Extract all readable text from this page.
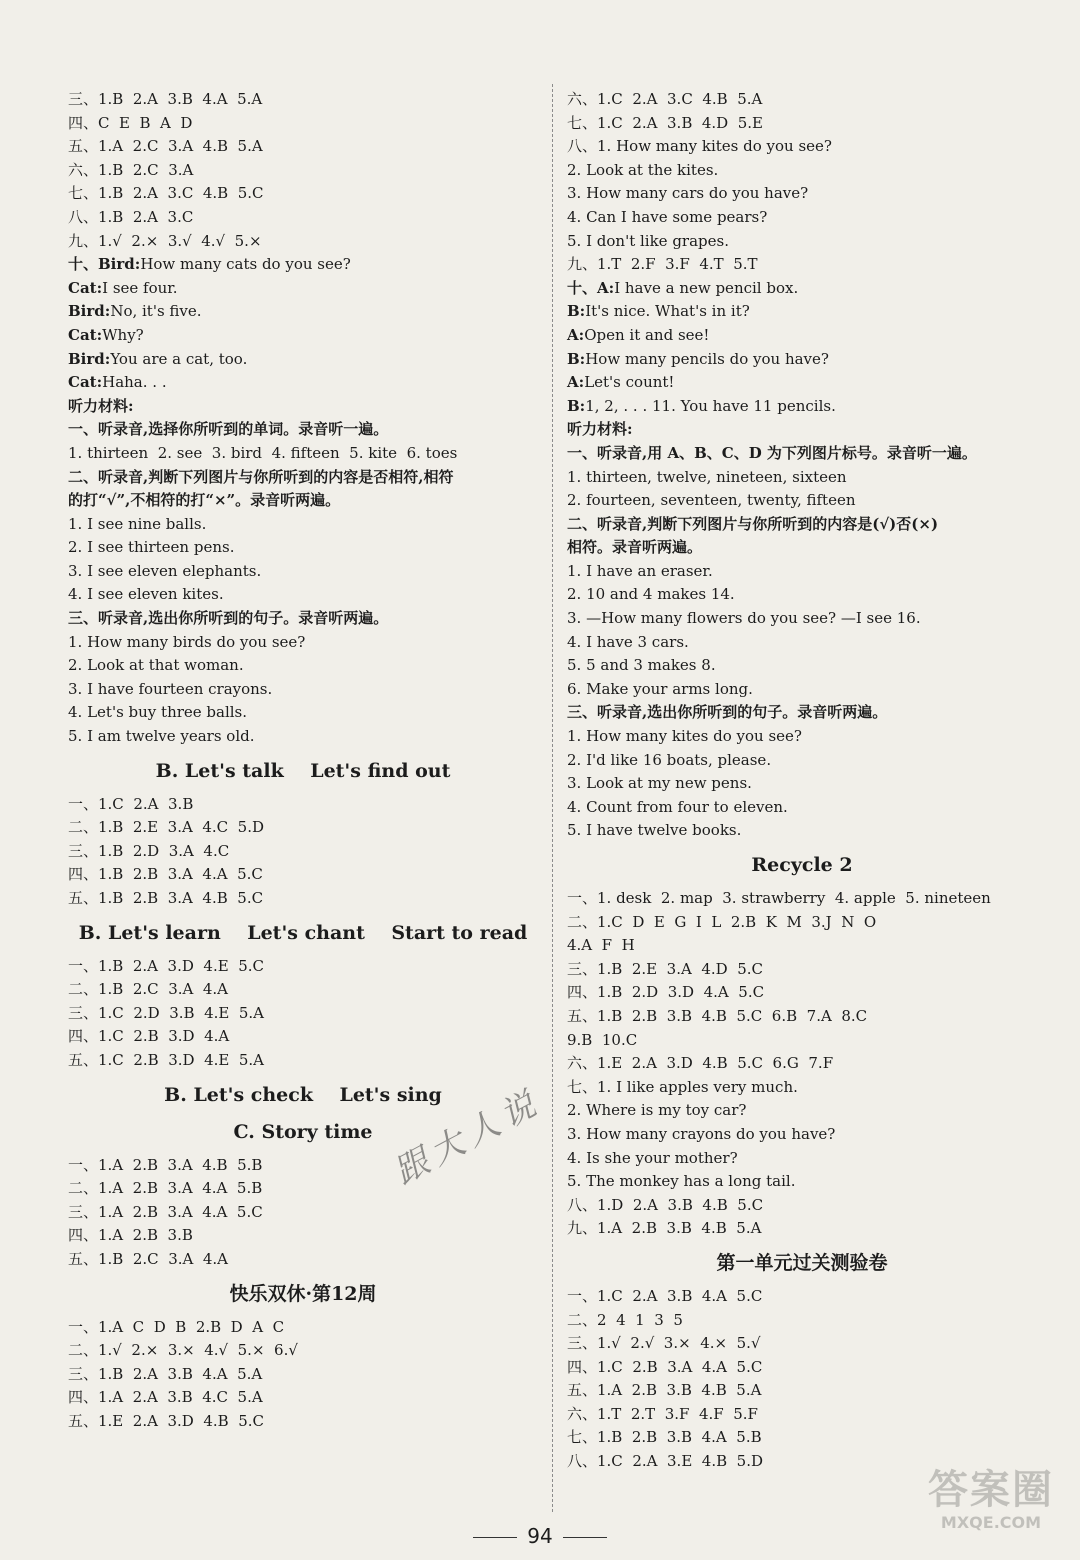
三、1.B  2.A  3.B  4.A  5.A
四、C  E  B  A  D
五、1.A  2.C  3.A  4.B  5.A
六、1.B  2.C  3.A
七、1.B  2.A  3.C  4.B  5.C
八、1.B  2.A  3.C
九、1.√  2.×  3.√  4.√  5.×
十、Bird:How many cats do you see?
Cat:I see four.
Bird:No, it's five.
Cat:Why?
Bird:You are a cat, too.
Cat:Haha. . .
听力材料:
一、听录音,选择你所听到的单词。录音听一遍。
1. thirteen  2. see  3. bird  4. fifteen  5. kite  6. toes
二、听录音,判断下列图片与你所听到的内容是否相符,相符
的打“√”,不相符的打“×”。录音听两遍。
1. I see nine balls.
2. I see thirteen pens.
3. I see eleven elephants.
4. I see eleven kites.
三、听录音,选出你所听到的句子。录音听两遍。
1. How many birds do you see?
2. Look at that woman.
3. I have fourteen crayons.
4. Let's buy three balls.
5. I am twelve years old.
B. Let's talk    Let's find out
一、1.C  2.A  3.B
二、1.B  2.E  3.A  4.C  5.D
三、1.B  2.D  3.A  4.C
四、1.B  2.B  3.A  4.A  5.C
五、1.B  2.B  3.A  4.B  5.C
B. Let's learn    Let's chant    Start to read
一、1.B  2.A  3.D  4.E  5.C
二、1.B  2.C  3.A  4.A
三、1.C  2.D  3.B  4.E  5.A
四、1.C  2.B  3.D  4.A
五、1.C  2.B  3.D  4.E  5.A
B. Let's check    Let's sing
C. Story time
一、1.A  2.B  3.A  4.B  5.B
二、1.A  2.B  3.A  4.A  5.B
三、1.A  2.B  3.A  4.A  5.C
四、1.A  2.B  3.B
五、1.B  2.C  3.A  4.A
快乐双休·第12周
一、1.A  C  D  B  2.B  D  A  C
二、1.√  2.×  3.×  4.√  5.×  6.√
三、1.B  2.A  3.B  4.A  5.A
四、1.A  2.A  3.B  4.C  5.A
五、1.E  2.A  3.D  4.B  5.C
六、1.C  2.A  3.C  4.B  5.A
七、1.C  2.A  3.B  4.D  5.E
八、1. How many kites do you see?
2. Look at the kites.
3. How many cars do you have?
4. Can I have some pears?
5. I don't like grapes.
九、1.T  2.F  3.F  4.T  5.T
十、A:I have a new pencil box.
B:It's nice. What's in it?
A:Open it and see!
B:How many pencils do you have?
A:Let's count!
B:1, 2, . . . 11. You have 11 pencils.
听力材料:
一、听录音,用 A、B、C、D 为下列图片标号。录音听一遍。
1. thirteen, twelve, nineteen, sixteen
2. fourteen, seventeen, twenty, fifteen
二、听录音,判断下列图片与你所听到的内容是(√)否(×)
相符。录音听两遍。
1. I have an eraser.
2. 10 and 4 makes 14.
3. —How many flowers do you see? —I see 16.
4. I have 3 cars.
5. 5 and 3 makes 8.
6. Make your arms long.
三、听录音,选出你所听到的句子。录音听两遍。
1. How many kites do you see?
2. I'd like 16 boats, please.
3. Look at my new pens.
4. Count from four to eleven.
5. I have twelve books.
Recycle 2
一、1. desk  2. map  3. strawberry  4. apple  5. nineteen
二、1.C  D  E  G  I  L  2.B  K  M  3.J  N  O
4.A  F  H
三、1.B  2.E  3.A  4.D  5.C
四、1.B  2.D  3.D  4.A  5.C
五、1.B  2.B  3.B  4.B  5.C  6.B  7.A  8.C
9.B  10.C
六、1.E  2.A  3.D  4.B  5.C  6.G  7.F
七、1. I like apples very much.
2. Where is my toy car?
3. How many crayons do you have?
4. Is she your mother?
5. The monkey has a long tail.
八、1.D  2.A  3.B  4.B  5.C
九、1.A  2.B  3.B  4.B  5.A
第一单元过关测验卷
一、1.C  2.A  3.B  4.A  5.C
二、2  4  1  3  5
三、1.√  2.√  3.×  4.×  5.√
四、1.C  2.B  3.A  4.A  5.C
五、1.A  2.B  3.B  4.B  5.A
六、1.T  2.T  3.F  4.F  5.F
七、1.B  2.B  3.B  4.A  5.B
八、1.C  2.A  3.E  4.B  5.D
跟大人说
94
答案圈
MXQE.COM
